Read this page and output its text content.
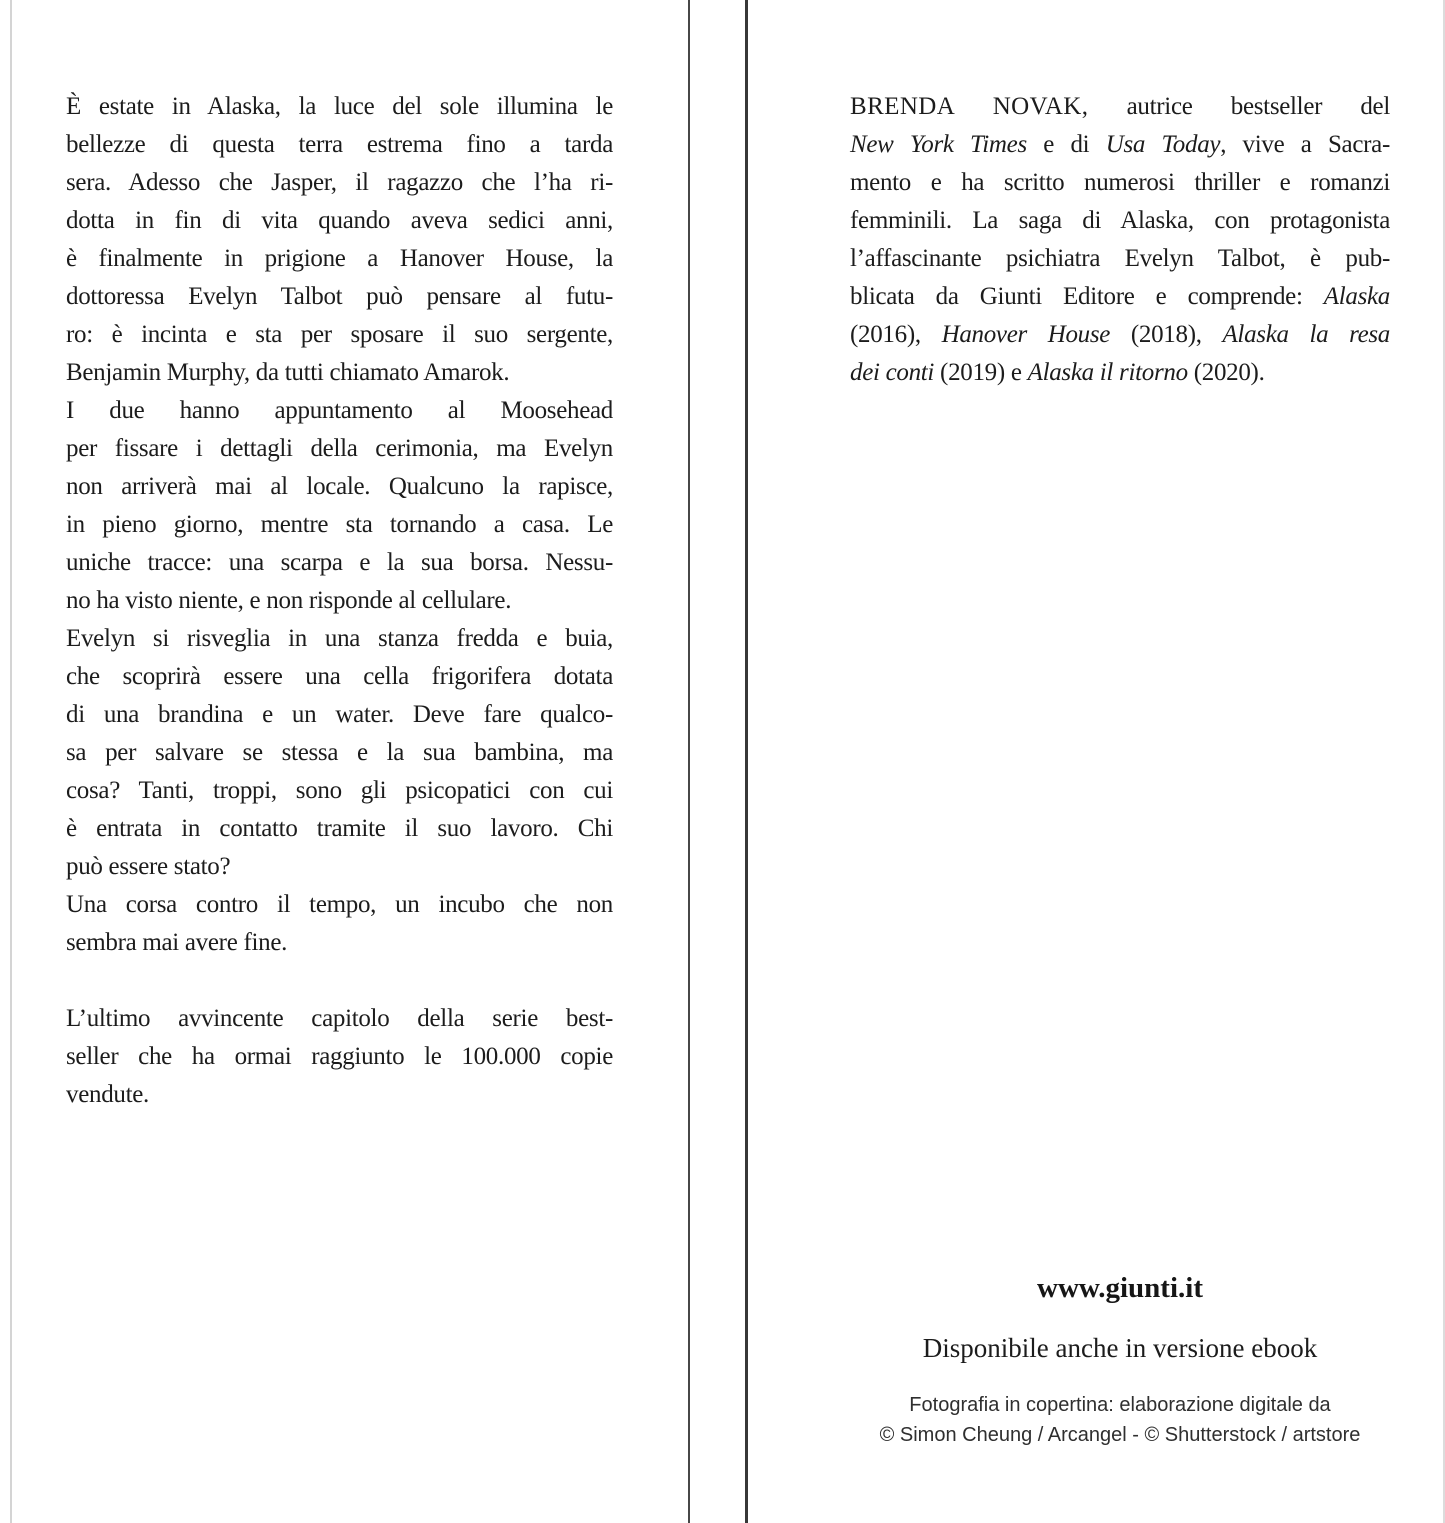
È estate in Alaska, la luce del sole illumina le
bellezze di questa terra estrema fino a tarda
sera. Adesso che Jasper, il ragazzo che l’ha ri-
dotta in fin di vita quando aveva sedici anni,
è finalmente in prigione a Hanover House, la
dottoressa Evelyn Talbot può pensare al futu-
ro: è incinta e sta per sposare il suo sergente,
Benjamin Murphy, da tutti chiamato Amarok.
I due hanno appuntamento al Moosehead
per fissare i dettagli della cerimonia, ma Evelyn
non arriverà mai al locale. Qualcuno la rapisce,
in pieno giorno, mentre sta tornando a casa. Le
uniche tracce: una scarpa e la sua borsa. Nessu-
no ha visto niente, e non risponde al cellulare.
Evelyn si risveglia in una stanza fredda e buia,
che scoprirà essere una cella frigorifera dotata
di una brandina e un water. Deve fare qualco-
sa per salvare se stessa e la sua bambina, ma
cosa? Tanti, troppi, sono gli psicopatici con cui
è entrata in contatto tramite il suo lavoro. Chi
può essere stato?
Una corsa contro il tempo, un incubo che non
sembra mai avere fine.
L’ultimo avvincente capitolo della serie best-
seller che ha ormai raggiunto le 100.000 copie
vendute.
BRENDA NOVAK, autrice bestseller del
New York Times e di Usa Today, vive a Sacra-
mento e ha scritto numerosi thriller e romanzi
femminili. La saga di Alaska, con protagonista
l’affascinante psichiatra Evelyn Talbot, è pub-
blicata da Giunti Editore e comprende: Alaska
(2016), Hanover House (2018), Alaska la resa
dei conti (2019) e Alaska il ritorno (2020).
www.giunti.it
Disponibile anche in versione ebook
Fotografia in copertina: elaborazione digitale da
© Simon Cheung / Arcangel - © Shutterstock / artstore
